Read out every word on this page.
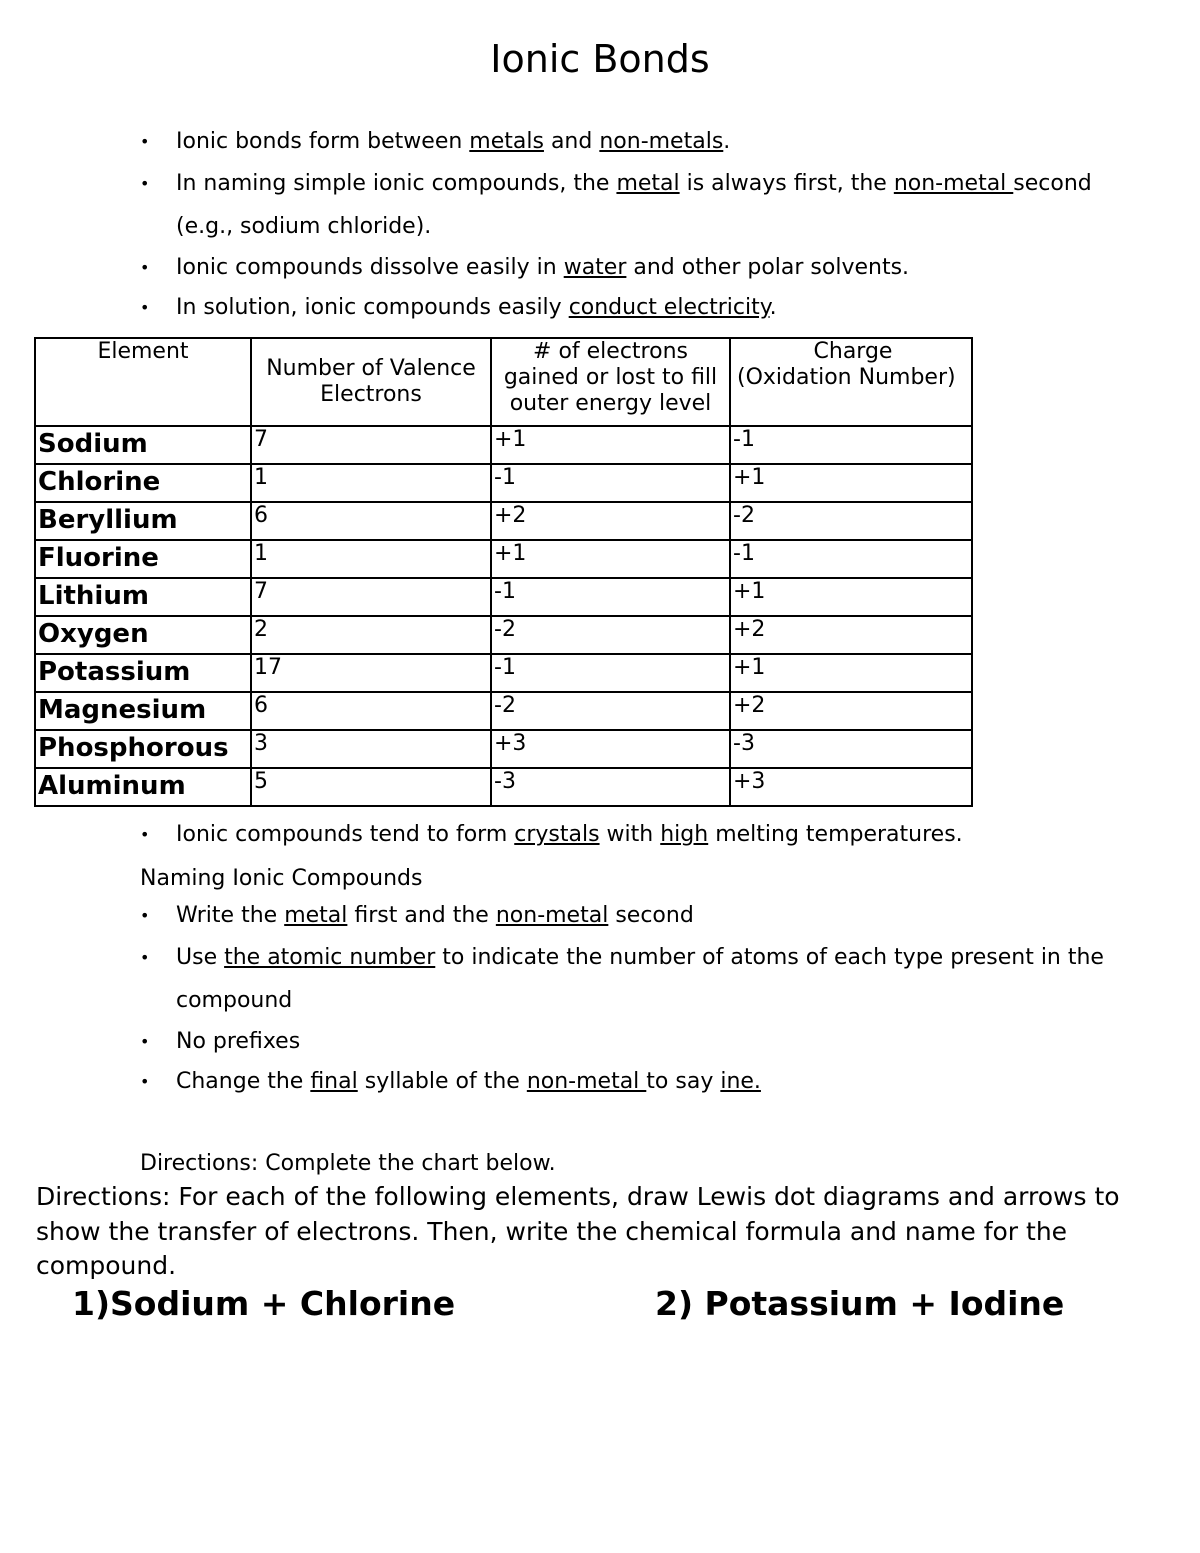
Ionic Bonds
• Ionic bonds form between metals and non-metals.
• In naming simple ionic compounds, the metal is always first, the non-metal second (e.g., sodium chloride).
• Ionic compounds dissolve easily in water and other polar solvents.
• In solution, ionic compounds easily conduct electricity.
Element	Number of Valence Electrons	# of electrons gained or lost to fill outer energy level	Charge
(Oxidation Number)
Sodium	7	+1	-1
Chlorine	1	-1	+1
Beryllium	6	+2	-2
Fluorine	1	+1	-1
Lithium	7	-1	+1
Oxygen	2	-2	+2
Potassium	17	-1	+1
Magnesium	6	-2	+2
Phosphorous	3	+3	-3
Aluminum	5	-3	+3
• Ionic compounds tend to form crystals with high melting temperatures.
Naming Ionic Compounds
• Write the metal first and the non-metal second
• Use the atomic number to indicate the number of atoms of each type present in the compound
• No prefixes
• Change the final syllable of the non-metal to say ine.
Directions: Complete the chart below.
Directions: For each of the following elements, draw Lewis dot diagrams and arrows to show the transfer of electrons. Then, write the chemical formula and name for the compound.
1)Sodium + Chlorine	2) Potassium + Iodine
